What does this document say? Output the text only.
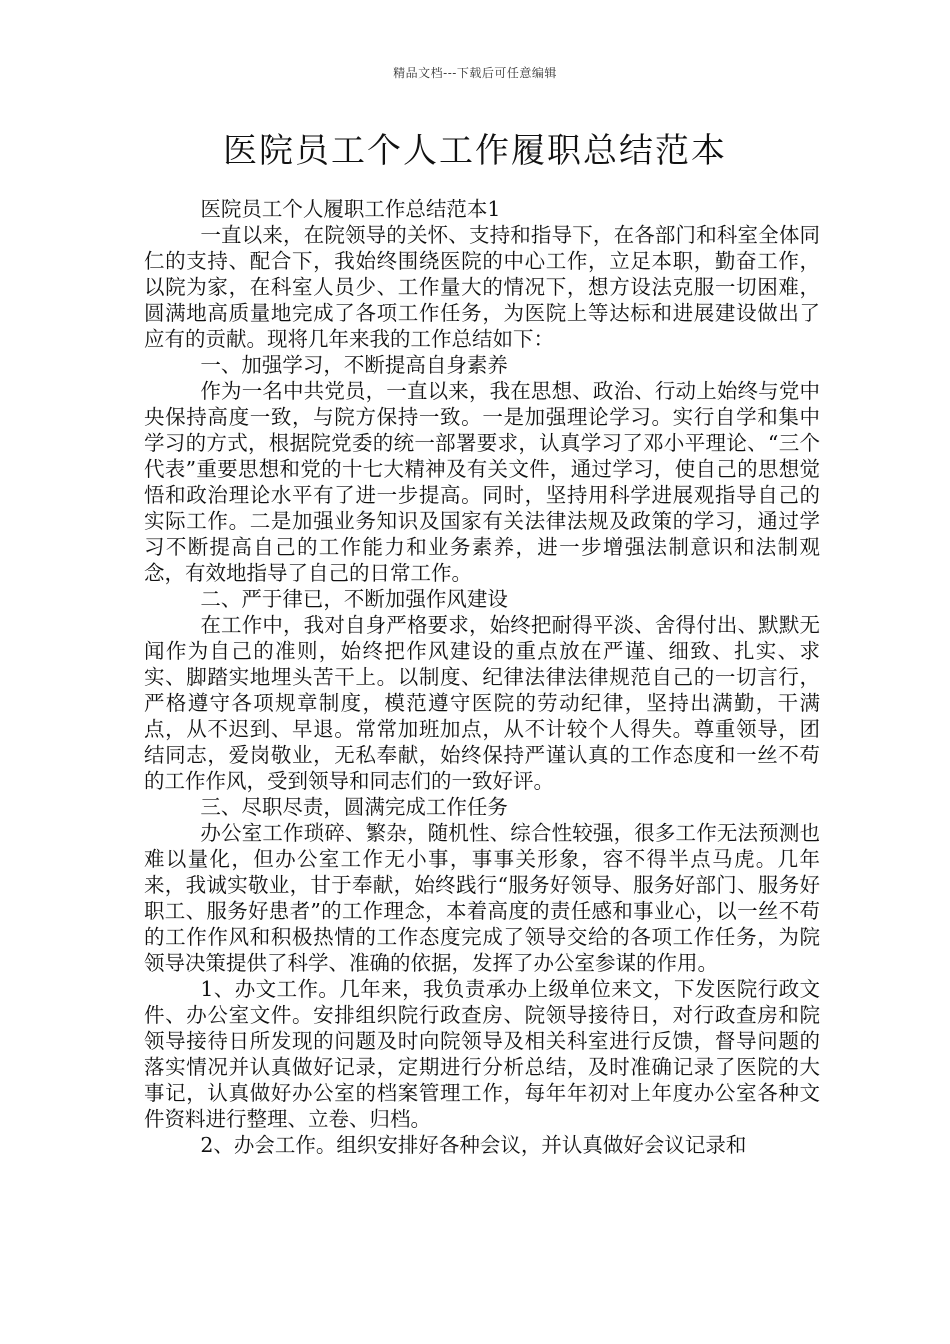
精品文档---下载后可任意编辑
医院员工个人工作履职总结范本

医院员工个人履职工作总结范本1

一直以来，在院领导的关怀、支持和指导下，在各部门和科室全体同仁的支持、配合下，我始终围绕医院的中心工作，立足本职，勤奋工作，以院为家，在科室人员少、工作量大的情况下，想方设法克服一切困难，圆满地高质量地完成了各项工作任务，为医院上等达标和进展建设做出了应有的贡献。现将几年来我的工作总结如下：

一、加强学习，不断提高自身素养

作为一名中共党员，一直以来，我在思想、政治、行动上始终与党中央保持高度一致，与院方保持一致。一是加强理论学习。实行自学和集中学习的方式，根据院党委的统一部署要求，认真学习了邓小平理论、“三个代表”重要思想和党的十七大精神及有关文件，通过学习，使自己的思想觉悟和政治理论水平有了进一步提高。同时，坚持用科学进展观指导自己的实际工作。二是加强业务知识及国家有关法律法规及政策的学习，通过学习不断提高自己的工作能力和业务素养，进一步增强法制意识和法制观念，有效地指导了自己的日常工作。

二、严于律已，不断加强作风建设

在工作中，我对自身严格要求，始终把耐得平淡、舍得付出、默默无闻作为自己的准则，始终把作风建设的重点放在严谨、细致、扎实、求实、脚踏实地埋头苦干上。以制度、纪律法律法律规范自己的一切言行，严格遵守各项规章制度，模范遵守医院的劳动纪律，坚持出满勤，干满点，从不迟到、早退。常常加班加点，从不计较个人得失。尊重领导，团结同志，爱岗敬业，无私奉献，始终保持严谨认真的工作态度和一丝不苟的工作作风，受到领导和同志们的一致好评。

三、尽职尽责，圆满完成工作任务

办公室工作琐碎、繁杂，随机性、综合性较强，很多工作无法预测也难以量化，但办公室工作无小事，事事关形象，容不得半点马虎。几年来，我诚实敬业，甘于奉献，始终践行“服务好领导、服务好部门、服务好职工、服务好患者”的工作理念，本着高度的责任感和事业心，以一丝不苟的工作作风和积极热情的工作态度完成了领导交给的各项工作任务，为院领导决策提供了科学、准确的依据，发挥了办公室参谋的作用。

1、办文工作。几年来，我负责承办上级单位来文，下发医院行政文件、办公室文件。安排组织院行政查房、院领导接待日，对行政查房和院领导接待日所发现的问题及时向院领导及相关科室进行反馈，督导问题的落实情况并认真做好记录，定期进行分析总结，及时准确记录了医院的大事记，认真做好办公室的档案管理工作，每年年初对上年度办公室各种文件资料进行整理、立卷、归档。

2、办会工作。组织安排好各种会议，并认真做好会议记录和
